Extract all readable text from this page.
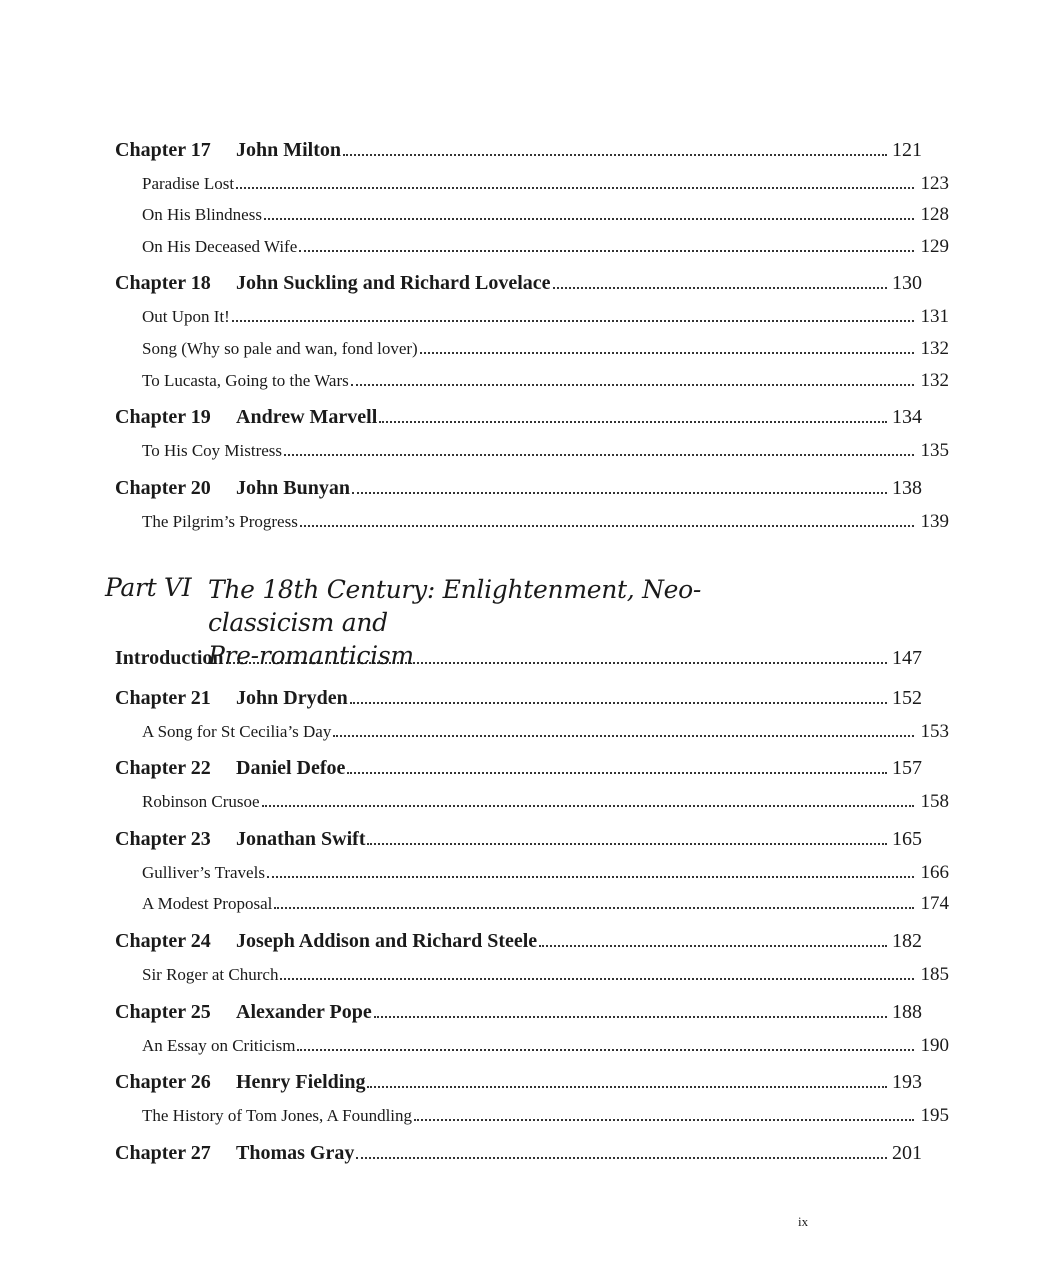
Chapter 17	John Milton	121
Paradise Lost	123
On His Blindness	128
On His Deceased Wife	129
Chapter 18	John Suckling and Richard Lovelace	130
Out Upon It!	131
Song (Why so pale and wan, fond lover)	132
To Lucasta, Going to the Wars	132
Chapter 19	Andrew Marvell	134
To His Coy Mistress	135
Chapter 20	John Bunyan	138
The Pilgrim’s Progress	139
Introduction	147
Chapter 21	John Dryden	152
A Song for St Cecilia’s Day	153
Chapter 22	Daniel Defoe	157
Robinson Crusoe	158
Chapter 23	Jonathan Swift	165
Gulliver’s Travels	166
A Modest Proposal	174
Chapter 24	Joseph Addison and Richard Steele	182
Sir Roger at Church	185
Chapter 25	Alexander Pope	188
An Essay on Criticism	190
Chapter 26	Henry Fielding	193
The History of Tom Jones, A Foundling	195
Chapter 27	Thomas Gray	201
Part VI The 18th Century: Enlightenment, Neo-classicism and
Pre-romanticism
ix
